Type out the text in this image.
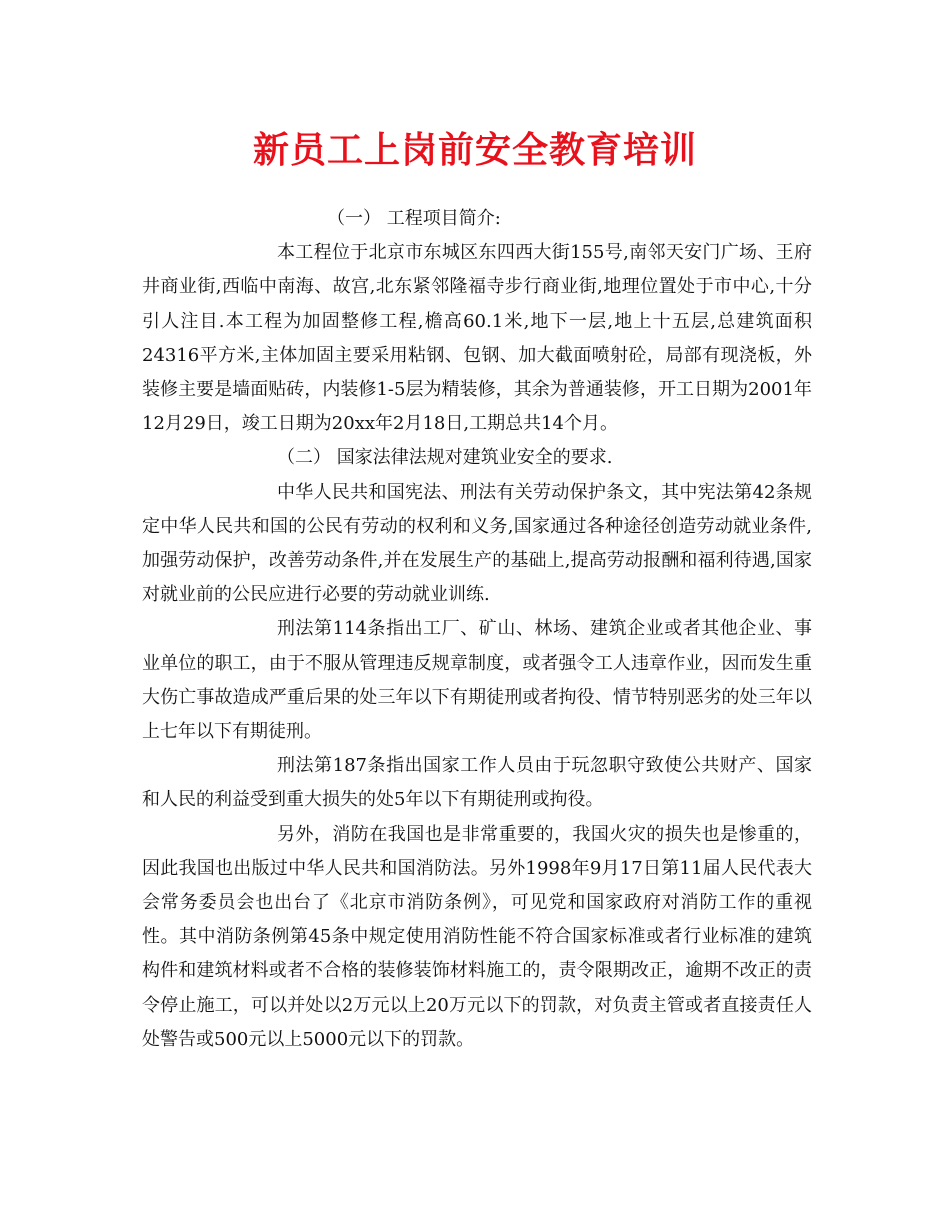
新员工上岗前安全教育培训

（一） 工程项目简介:

本工程位于北京市东城区东四西大街155号,南邻天安门广场、王府井商业街,西临中南海、故宫,北东紧邻隆福寺步行商业街,地理位置处于市中心,十分引人注目.本工程为加固整修工程,檐高60.1米,地下一层,地上十五层,总建筑面积24316平方米,主体加固主要采用粘钢、包钢、加大截面喷射砼，局部有现浇板，外装修主要是墙面贴砖，内装修1-5层为精装修，其余为普通装修，开工日期为2001年12月29日，竣工日期为20xx年2月18日,工期总共14个月。

（二） 国家法律法规对建筑业安全的要求.

中华人民共和国宪法、刑法有关劳动保护条文，其中宪法第42条规定中华人民共和国的公民有劳动的权利和义务,国家通过各种途径创造劳动就业条件,加强劳动保护，改善劳动条件,并在发展生产的基础上,提高劳动报酬和福利待遇,国家对就业前的公民应进行必要的劳动就业训练.

刑法第114条指出工厂、矿山、林场、建筑企业或者其他企业、事业单位的职工，由于不服从管理违反规章制度，或者强令工人违章作业，因而发生重大伤亡事故造成严重后果的处三年以下有期徒刑或者拘役、情节特别恶劣的处三年以上七年以下有期徒刑。

刑法第187条指出国家工作人员由于玩忽职守致使公共财产、国家和人民的利益受到重大损失的处5年以下有期徒刑或拘役。

另外，消防在我国也是非常重要的，我国火灾的损失也是惨重的，因此我国也出版过中华人民共和国消防法。另外1998年9月17日第11届人民代表大会常务委员会也出台了《北京市消防条例》，可见党和国家政府对消防工作的重视性。其中消防条例第45条中规定使用消防性能不符合国家标准或者行业标准的建筑构件和建筑材料或者不合格的装修装饰材料施工的，责令限期改正，逾期不改正的责令停止施工，可以并处以2万元以上20万元以下的罚款，对负责主管或者直接责任人处警告或500元以上5000元以下的罚款。
